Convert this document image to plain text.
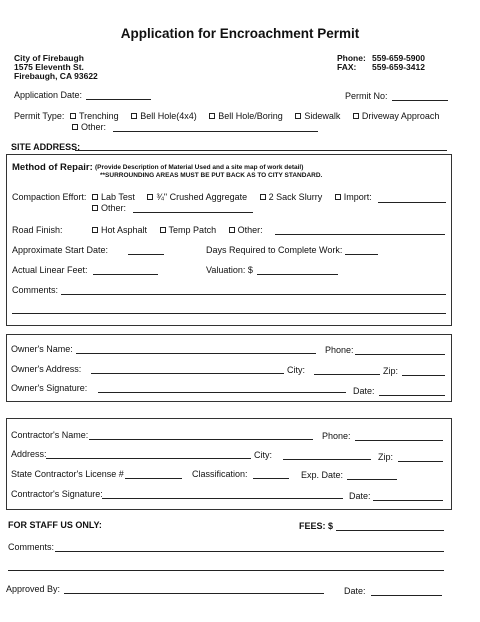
Application for Encroachment Permit
City of Firebaugh
1575 Eleventh St.
Firebaugh, CA 93622
Phone: 559-659-5900
FAX: 559-659-3412
Application Date:	Permit No:
Permit Type:	Trenching Bell Hole(4x4) Bell Hole/Boring Sidewalk Driveway Approach
Other:
SITE ADDRESS:
Method of Repair: (Provide Description of Material Used and a site map of work detail)
**SURROUNDING AREAS MUST BE PUT BACK AS TO CITY STANDARD.
Compaction Effort:	Lab Test ¾" Crushed Aggregate 2 Sack Slurry Import:
Other:
Road Finish:	Hot Asphalt Temp Patch Other:
Approximate Start Date:	Days Required to Complete Work:
Actual Linear Feet:	Valuation: $
Comments:
Owner's Name:	Phone:
Owner's Address:	City:	Zip:
Owner's Signature:	Date:
Contractor's Name:	Phone:
Address:	City:	Zip:
State Contractor's License #	Classification:	Exp. Date:
Contractor's Signature:	Date:
FOR STAFF US ONLY:	FEES: $
Comments:
Approved By:	Date:
